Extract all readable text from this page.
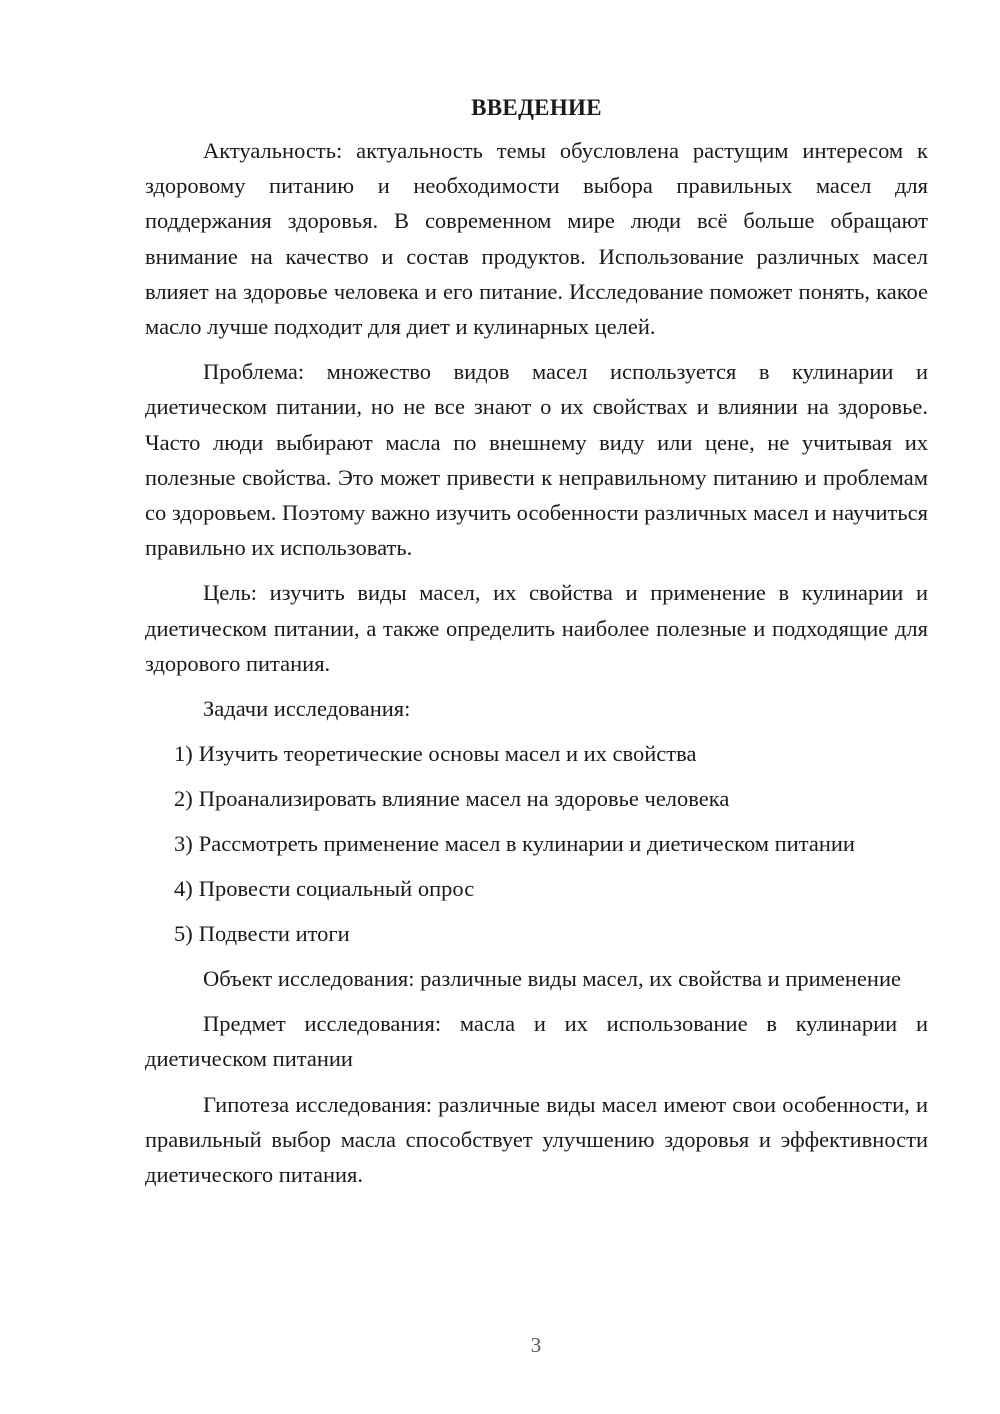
ВВЕДЕНИЕ

Актуальность: актуальность темы обусловлена растущим интересом к здоровому питанию и необходимости выбора правильных масел для поддержания здоровья. В современном мире люди всё больше обращают внимание на качество и состав продуктов. Использование различных масел влияет на здоровье человека и его питание. Исследование поможет понять, какое масло лучше подходит для диет и кулинарных целей.

Проблема: множество видов масел используется в кулинарии и диетическом питании, но не все знают о их свойствах и влиянии на здоровье. Часто люди выбирают масла по внешнему виду или цене, не учитывая их полезные свойства. Это может привести к неправильному питанию и проблемам со здоровьем. Поэтому важно изучить особенности различных масел и научиться правильно их использовать.

Цель: изучить виды масел, их свойства и применение в кулинарии и диетическом питании, а также определить наиболее полезные и подходящие для здорового питания.

Задачи исследования:
1) Изучить теоретические основы масел и их свойства
2) Проанализировать влияние масел на здоровье человека
3) Рассмотреть применение масел в кулинарии и диетическом питании
4) Провести социальный опрос
5) Подвести итоги

Объект исследования: различные виды масел, их свойства и применение

Предмет исследования: масла и их использование в кулинарии и диетическом питании

Гипотеза исследования: различные виды масел имеют свои особенности, и правильный выбор масла способствует улучшению здоровья и эффективности диетического питания.

3
